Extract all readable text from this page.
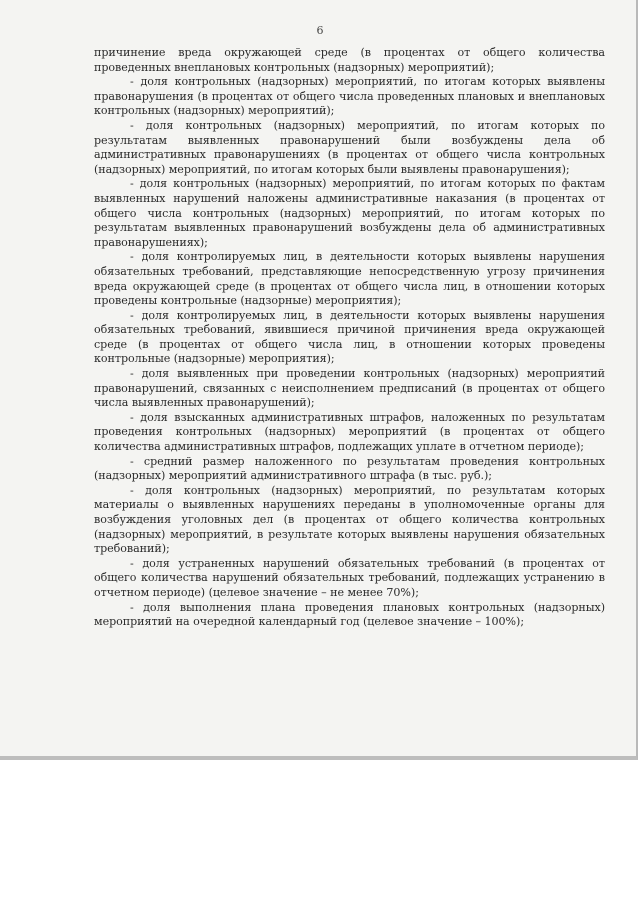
6

причинение вреда окружающей среде (в процентах от общего количества проведенных внеплановых контрольных (надзорных) мероприятий);

- доля контрольных (надзорных) мероприятий, по итогам которых выявлены правонарушения (в процентах от общего числа проведенных плановых и внеплановых контрольных (надзорных) мероприятий);

- доля контрольных (надзорных) мероприятий, по итогам которых по результатам выявленных правонарушений были возбуждены дела об административных правонарушениях (в процентах от общего числа контрольных (надзорных) мероприятий, по итогам которых были выявлены правонарушения);

- доля контрольных (надзорных) мероприятий, по итогам которых по фактам выявленных нарушений наложены административные наказания (в процентах от общего числа контрольных (надзорных) мероприятий, по итогам которых по результатам выявленных правонарушений возбуждены дела об административных правонарушениях);

- доля контролируемых лиц, в деятельности которых выявлены нарушения обязательных требований, представляющие непосредственную угрозу причинения вреда окружающей среде (в процентах от общего числа лиц, в отношении которых проведены контрольные (надзорные) мероприятия);

- доля контролируемых лиц, в деятельности которых выявлены нарушения обязательных требований, явившиеся причиной причинения вреда окружающей среде (в процентах от общего числа лиц, в отношении которых проведены контрольные (надзорные) мероприятия);

- доля выявленных при проведении контрольных (надзорных) мероприятий правонарушений, связанных с неисполнением предписаний (в процентах от общего числа выявленных правонарушений);

- доля взысканных административных штрафов, наложенных по результатам проведения контрольных (надзорных) мероприятий (в процентах от общего количества административных штрафов, подлежащих уплате в отчетном периоде);

- средний размер наложенного по результатам проведения контрольных (надзорных) мероприятий административного штрафа (в тыс. руб.);

- доля контрольных (надзорных) мероприятий, по результатам которых материалы о выявленных нарушениях переданы в уполномоченные органы для возбуждения уголовных дел (в процентах от общего количества контрольных (надзорных) мероприятий, в результате которых выявлены нарушения обязательных требований);

- доля устраненных нарушений обязательных требований (в процентах от общего количества нарушений обязательных требований, подлежащих устранению в отчетном периоде) (целевое значение – не менее 70%);

- доля выполнения плана проведения плановых контрольных (надзорных) мероприятий на очередной календарный год (целевое значение – 100%);
